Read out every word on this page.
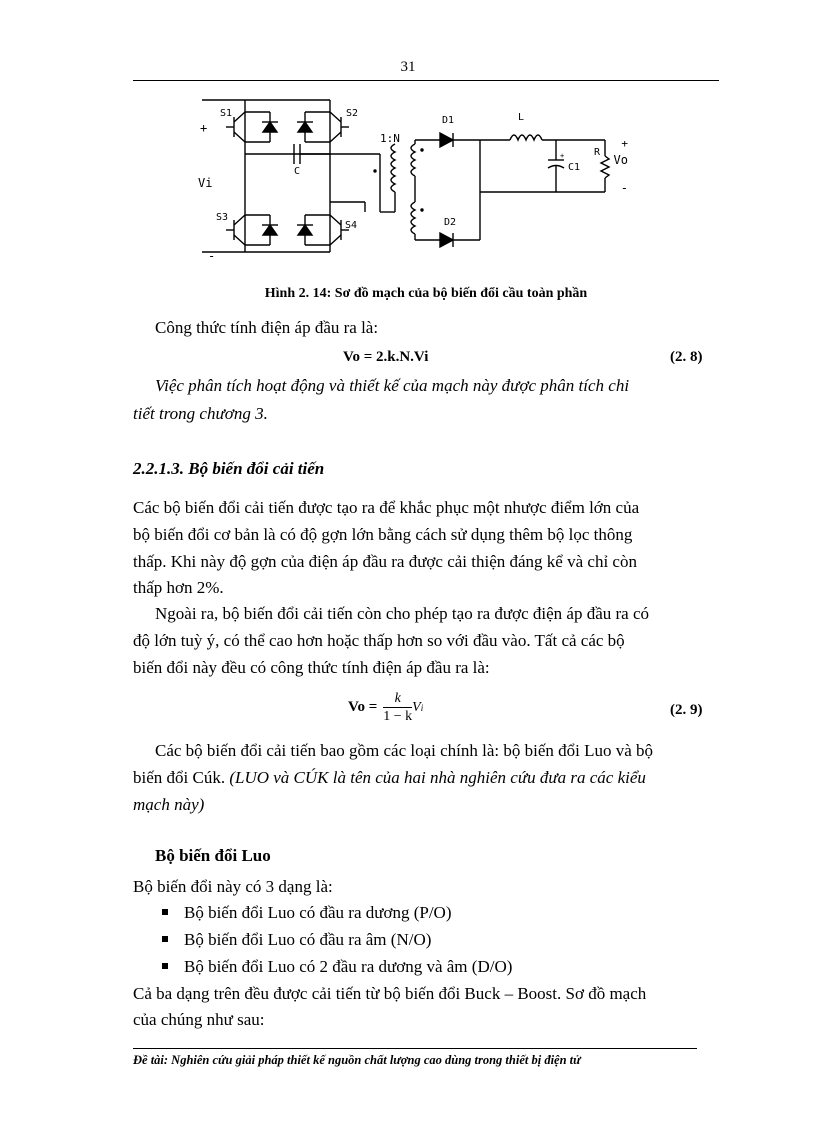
31
S1	S2
S3
S4
C
Vi
+
-
1:N
D1
D2
L
C1
+	R
+
Vo
-
Hình 2. 14: Sơ đồ mạch của bộ biến đổi cầu toàn phần
Công thức tính điện áp đầu ra là:
Vo = 2.k.N.Vi	(2. 8)
Việc phân tích hoạt động và thiết kế của mạch này được phân tích chi
tiết trong chương 3.
2.2.1.3. Bộ biến đổi cải tiến
Các bộ biến đổi cải tiến được tạo ra để khắc phục một nhược điểm lớn của
bộ biến đổi cơ bản là có độ gợn lớn bằng cách sử dụng thêm bộ lọc thông
thấp. Khi này độ gợn của điện áp đầu ra được cải thiện đáng kể và chỉ còn
thấp hơn 2%.
Ngoài ra, bộ biến đổi cải tiến còn cho phép tạo ra được điện áp đầu ra có
độ lớn tuỳ ý, có thể cao hơn hoặc thấp hơn so với đầu vào. Tất cả các bộ
biến đổi này đều có công thức tính điện áp đầu ra là:
$Vo = \frac{k}{1 - k}$ V i	(2. 9)
Các bộ biến đổi cải tiến bao gồm các loại chính là: bộ biến đổi Luo và bộ
biến đổi Cúk. (LUO và CÚK là tên của hai nhà nghiên cứu đưa ra các kiểu
mạch này)
Bộ biến đổi Luo
Bộ biến đổi này có 3 dạng là:
Bộ biến đổi Luo có đầu ra dương (P/O)
Bộ biến đổi Luo có đầu ra âm (N/O)
Bộ biến đổi Luo có 2 đầu ra dương và âm (D/O)
Cả ba dạng trên đều được cải tiến từ bộ biến đổi Buck – Boost. Sơ đồ mạch
của chúng như sau:
Đề tài: Nghiên cứu giải pháp thiết kế nguồn chất lượng cao dùng trong thiết bị điện tử
